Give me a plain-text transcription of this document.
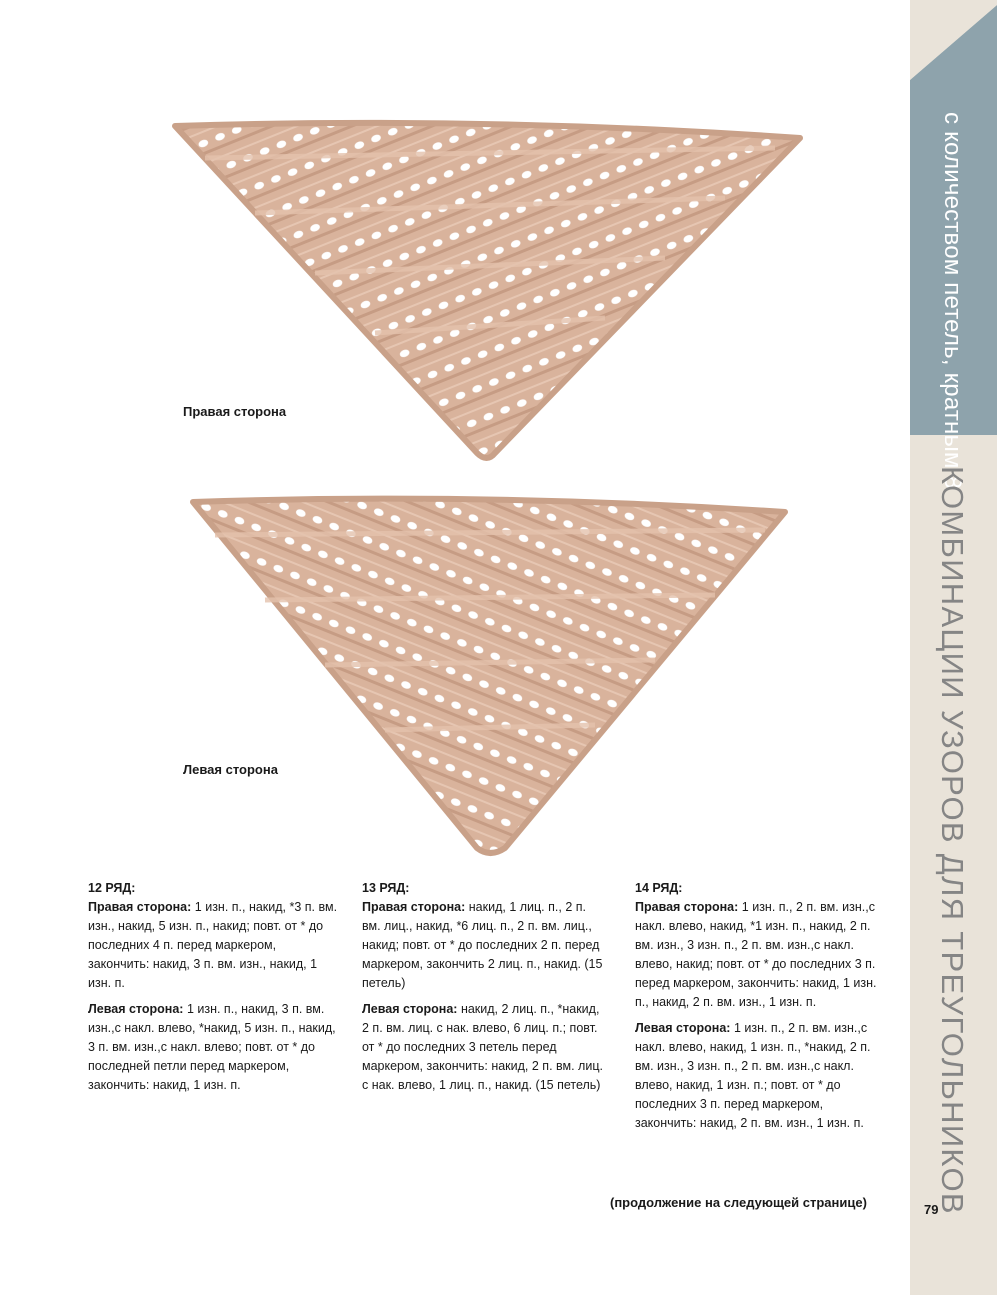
с количеством петель, кратным 8
КОМБИНАЦИИ УЗОРОВ ДЛЯ ТРЕУГОЛЬНИКОВ
Правая сторона
Левая сторона
12 РЯД:

Правая сторона: 1 изн. п., накид, *3 п. вм. изн., накид, 5 изн. п., накид; повт. от * до последних 4 п. перед маркером, закончить: накид, 3 п. вм. изн., накид, 1 изн. п.

Левая сторона: 1 изн. п., накид, 3 п. вм. изн.,с накл. влево, *накид, 5 изн. п., накид, 3 п. вм. изн.,с накл. влево; повт. от * до последней петли перед маркером, закончить: накид, 1 изн. п.

13 РЯД:

Правая сторона: накид, 1 лиц. п., 2 п. вм. лиц., накид, *6 лиц. п., 2 п. вм. лиц., накид; повт. от * до последних 2 п. перед маркером, закончить 2 лиц. п., накид. (15 петель)

Левая сторона: накид, 2 лиц. п., *накид, 2 п. вм. лиц. с нак. влево, 6 лиц. п.; повт. от * до последних 3 петель перед маркером, закончить: накид, 2 п. вм. лиц. с нак. влево, 1 лиц. п., накид. (15 петель)

14 РЯД:

Правая сторона: 1 изн. п., 2 п. вм. изн.,с накл. влево, накид, *1 изн. п., накид, 2 п. вм. изн., 3 изн. п., 2 п. вм. изн.,с накл. влево, накид; повт. от * до последних 3 п. перед маркером, закончить: накид, 1 изн. п., накид, 2 п. вм. изн., 1 изн. п.

Левая сторона: 1 изн. п., 2 п. вм. изн.,с накл. влево, накид, 1 изн. п., *накид, 2 п. вм. изн., 3 изн. п., 2 п. вм. изн.,с накл. влево, накид, 1 изн. п.; повт. от * до последних 3 п. перед маркером, закончить: накид, 2 п. вм. изн., 1 изн. п.

(продолжение на следующей странице)	79
